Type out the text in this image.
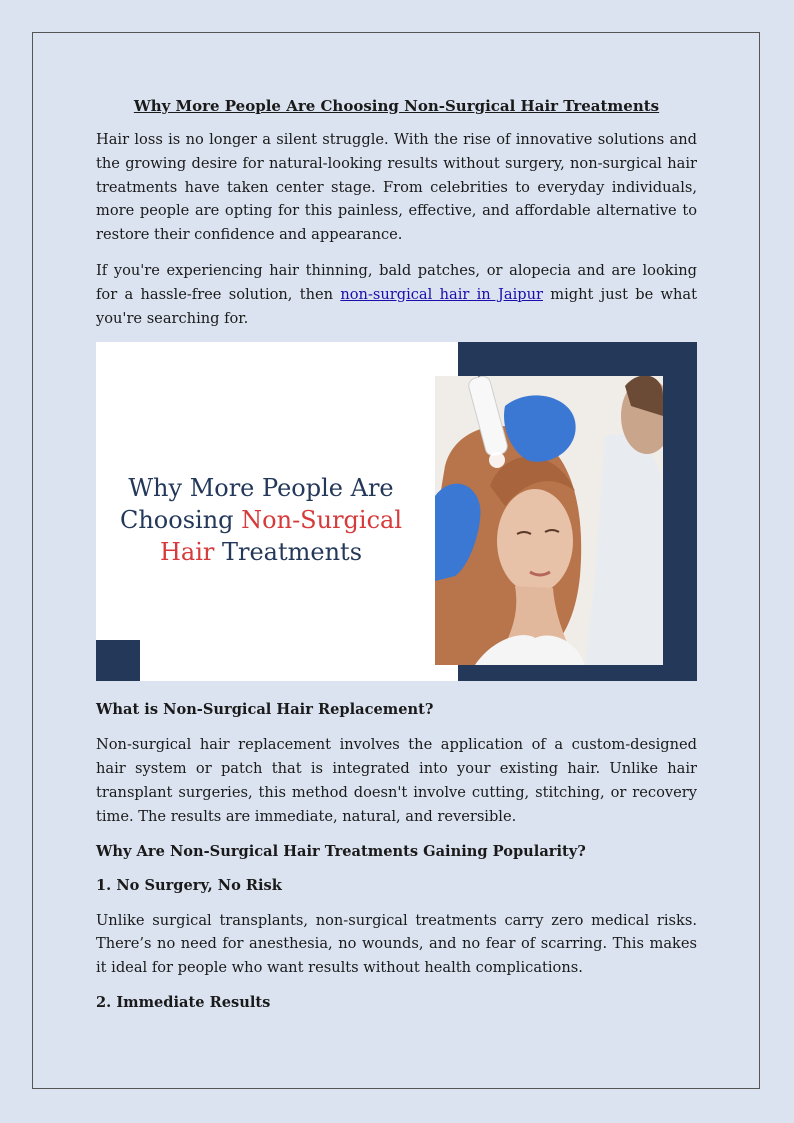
Why More People Are Choosing Non-Surgical Hair Treatments

Hair loss is no longer a silent struggle. With the rise of innovative solutions and the growing desire for natural-looking results without surgery, non-surgical hair treatments have taken center stage. From celebrities to everyday individuals, more people are opting for this painless, effective, and affordable alternative to restore their confidence and appearance.

If you're experiencing hair thinning, bald patches, or alopecia and are looking for a hassle-free solution, then non-surgical hair in Jaipur might just be what you're searching for.

Why More People Are
Choosing Non-Surgical
Hair Treatments
What is Non-Surgical Hair Replacement?

Non-surgical hair replacement involves the application of a custom-designed hair system or patch that is integrated into your existing hair. Unlike hair transplant surgeries, this method doesn't involve cutting, stitching, or recovery time. The results are immediate, natural, and reversible.

Why Are Non-Surgical Hair Treatments Gaining Popularity?
1. No Surgery, No Risk

Unlike surgical transplants, non-surgical treatments carry zero medical risks. There’s no need for anesthesia, no wounds, and no fear of scarring. This makes it ideal for people who want results without health complications.

2. Immediate Results
